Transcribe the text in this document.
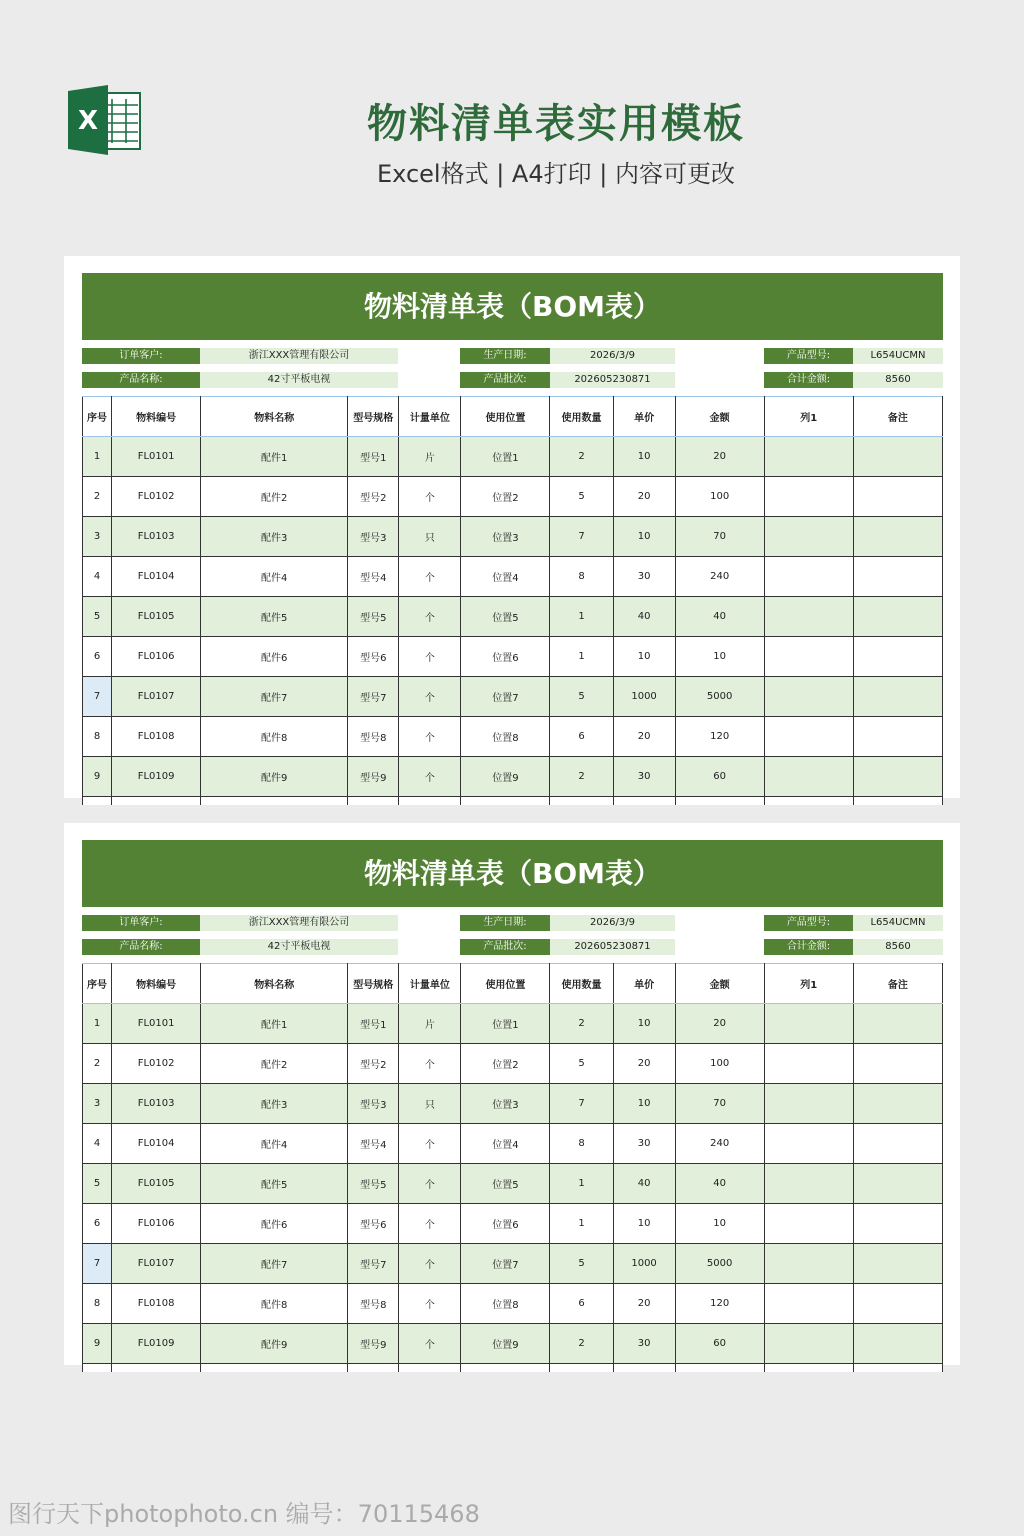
X	物料清单表实用模板
Excel格式 | A4打印 | 内容可更改
物料清单表（BOM表）
订单客户:	浙江XXX管理有限公司	生产日期:	2026/3/9	产品型号:	L654UCMN
产品名称:	42寸平板电视	产品批次:	202605230871	合计金额:	8560
序号	物料编号	物料名称	型号规格	计量单位	使用位置	使用数量	单价	金额	列1	备注
1	FL0101	配件1	型号1	片	位置1	2	10	20		
2	FL0102	配件2	型号2	个	位置2	5	20	100		
3	FL0103	配件3	型号3	只	位置3	7	10	70		
4	FL0104	配件4	型号4	个	位置4	8	30	240		
5	FL0105	配件5	型号5	个	位置5	1	40	40		
6	FL0106	配件6	型号6	个	位置6	1	10	10		
7	FL0107	配件7	型号7	个	位置7	5	1000	5000		
8	FL0108	配件8	型号8	个	位置8	6	20	120		
9	FL0109	配件9	型号9	个	位置9	2	30	60		

物料清单表（BOM表）
订单客户:	浙江XXX管理有限公司	生产日期:	2026/3/9	产品型号:	L654UCMN
产品名称:	42寸平板电视	产品批次:	202605230871	合计金额:	8560
序号	物料编号	物料名称	型号规格	计量单位	使用位置	使用数量	单价	金额	列1	备注
1	FL0101	配件1	型号1	片	位置1	2	10	20		
2	FL0102	配件2	型号2	个	位置2	5	20	100		
3	FL0103	配件3	型号3	只	位置3	7	10	70		
4	FL0104	配件4	型号4	个	位置4	8	30	240		
5	FL0105	配件5	型号5	个	位置5	1	40	40		
6	FL0106	配件6	型号6	个	位置6	1	10	10		
7	FL0107	配件7	型号7	个	位置7	5	1000	5000		
8	FL0108	配件8	型号8	个	位置8	6	20	120		
9	FL0109	配件9	型号9	个	位置9	2	30	60		

图行天下photophoto.cn 编号：70115468
